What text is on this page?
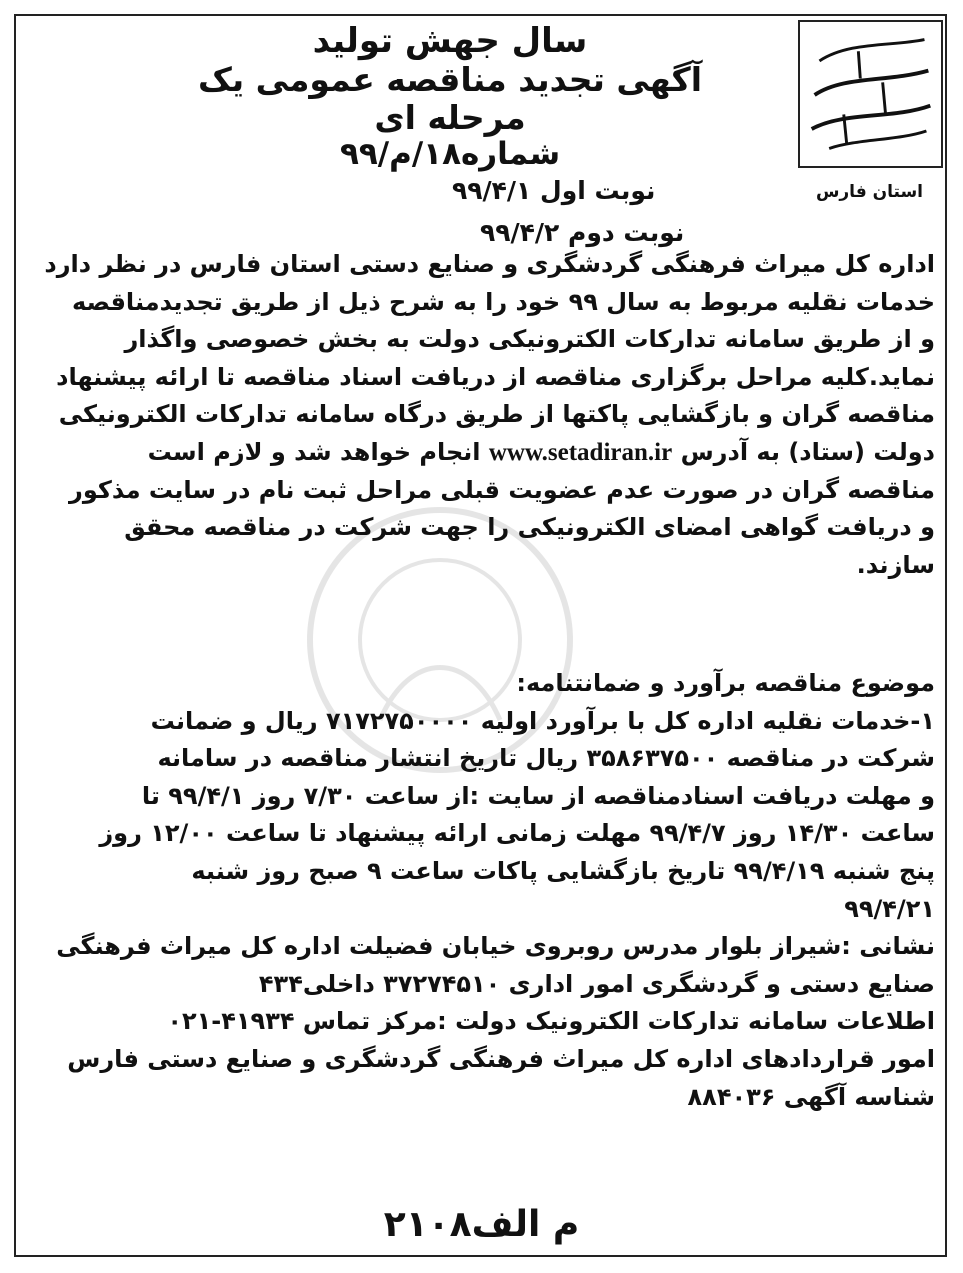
استان فارس
سال جهش تولید
آگهی تجدید مناقصه عمومی یک مرحله ای
شماره۱۸/م/۹۹
نوبت اول ۹۹/۴/۱
نوبت دوم ۹۹/۴/۲
اداره کل میراث فرهنگی گردشگری و صنایع دستی استان فارس در نظر دارد
خدمات نقلیه مربوط به سال ۹۹ خود را به شرح ذیل از طریق تجدیدمناقصه
و از طریق سامانه تدارکات الکترونیکی دولت به بخش خصوصی واگذار
نماید.کلیه مراحل برگزاری مناقصه از دریافت اسناد مناقصه تا ارائه پیشنهاد
مناقصه گران و بازگشایی پاکتها از طریق درگاه سامانه تدارکات الکترونیکی
دولت (ستاد) به آدرس www.setadiran.ir انجام خواهد شد و لازم است
مناقصه گران در صورت عدم عضویت قبلی مراحل ثبت نام در سایت مذکور
و دریافت گواهی امضای الکترونیکی را جهت شرکت در مناقصه محقق
سازند.
موضوع مناقصه برآورد و ضمانتنامه:
۱-خدمات نقلیه اداره کل با برآورد اولیه ۷۱۷۲۷۵۰۰۰۰ ریال و ضمانت
شرکت در مناقصه ۳۵۸۶۳۷۵۰۰ ریال تاریخ انتشار مناقصه در سامانه
و مهلت دریافت اسنادمناقصه از سایت :از ساعت ۷/۳۰ روز ۹۹/۴/۱ تا
ساعت ۱۴/۳۰ روز ۹۹/۴/۷ مهلت زمانی ارائه پیشنهاد تا ساعت ۱۲/۰۰ روز
پنج شنبه ۹۹/۴/۱۹ تاریخ بازگشایی پاکات ساعت ۹ صبح روز شنبه
۹۹/۴/۲۱
نشانی :شیراز بلوار مدرس روبروی خیابان فضیلت اداره کل میراث فرهنگی
صنایع دستی و گردشگری امور اداری ۳۷۲۷۴۵۱۰ داخلی۴۳۴
اطلاعات سامانه تدارکات الکترونیک دولت :مرکز تماس ۴۱۹۳۴-۰۲۱
امور قراردادهای اداره کل میراث فرهنگی گردشگری و صنایع دستی فارس
شناسه آگهی ۸۸۴۰۳۶
م الف۲۱۰۸
